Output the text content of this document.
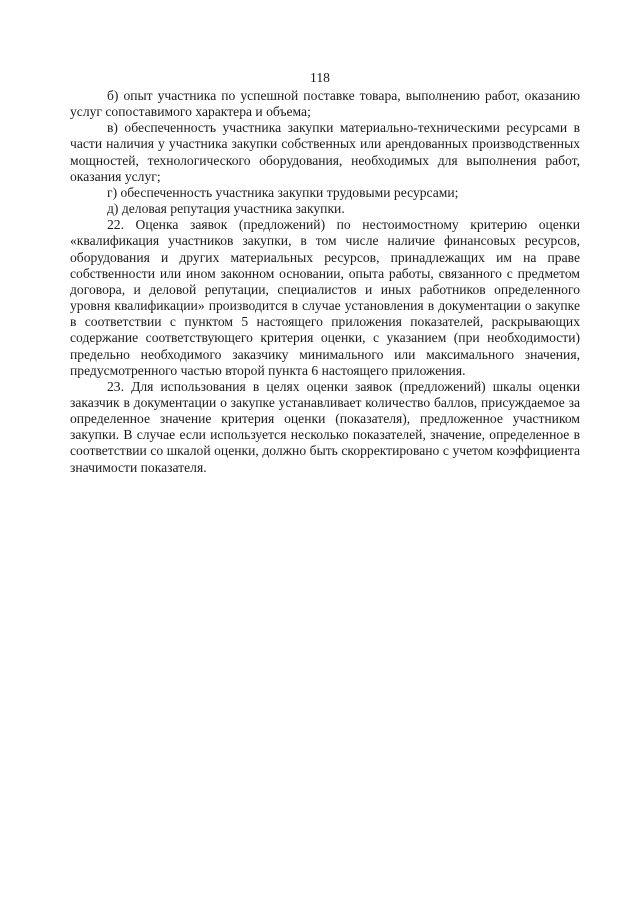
118

б) опыт участника по успешной поставке товара, выполнению работ, оказанию услуг сопоставимого характера и объема;

в) обеспеченность участника закупки материально-техническими ресурсами в части наличия у участника закупки собственных или арендованных производственных мощностей, технологического оборудования, необходимых для выполнения работ, оказания услуг;

г) обеспеченность участника закупки трудовыми ресурсами;

д) деловая репутация участника закупки.

22. Оценка заявок (предложений) по нестоимостному критерию оценки «квалификация участников закупки, в том числе наличие финансовых ресурсов, оборудования и других материальных ресурсов, принадлежащих им на праве собственности или ином законном основании, опыта работы, связанного с предметом договора, и деловой репутации, специалистов и иных работников определенного уровня квалификации» производится в случае установления в документации о закупке в соответствии с пунктом 5 настоящего приложения показателей, раскрывающих содержание соответствующего критерия оценки, с указанием (при необходимости) предельно необходимого заказчику минимального или максимального значения, предусмотренного частью второй пункта 6 настоящего приложения.

23. Для использования в целях оценки заявок (предложений) шкалы оценки заказчик в документации о закупке устанавливает количество баллов, присуждаемое за определенное значение критерия оценки (показателя), предложенное участником закупки. В случае если используется несколько показателей, значение, определенное в соответствии со шкалой оценки, должно быть скорректировано с учетом коэффициента значимости показателя.
